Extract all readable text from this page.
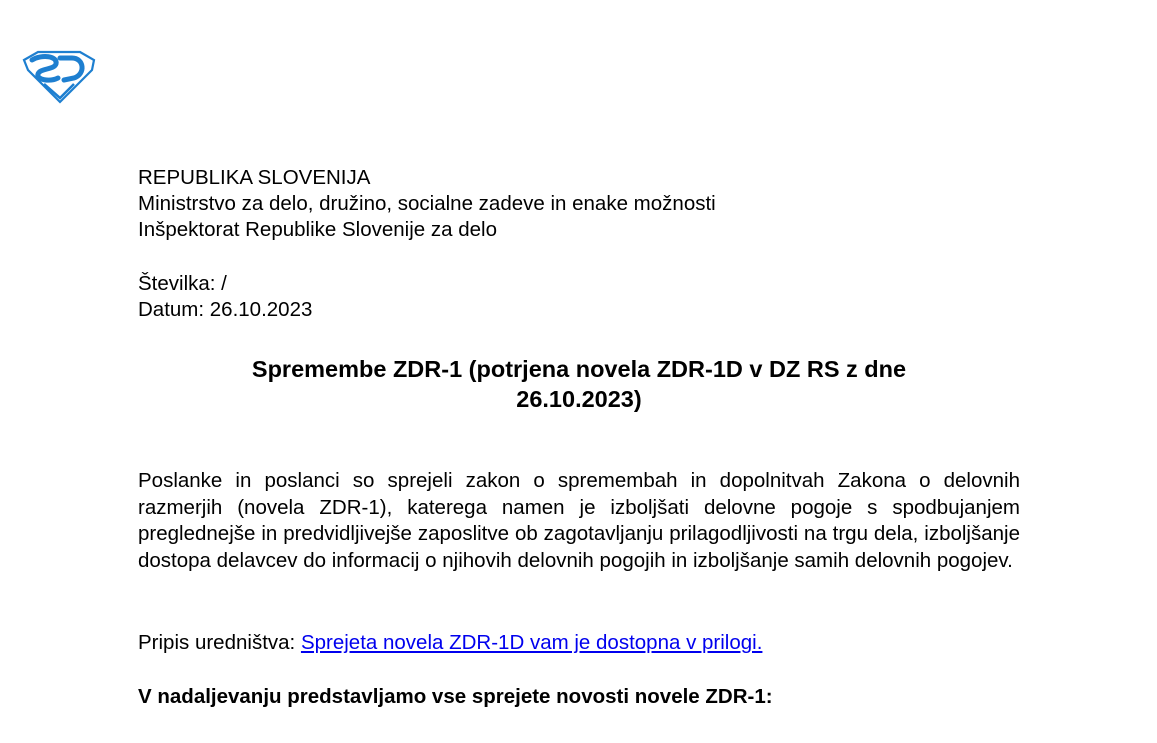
REPUBLIKA SLOVENIJA
Ministrstvo za delo, družino, socialne zadeve in enake možnosti
Inšpektorat Republike Slovenije za delo
Številka: /
Datum: 26.10.2023
Spremembe ZDR-1 (potrjena novela ZDR-1D v DZ RS z dne
26.10.2023)

Poslanke in poslanci so sprejeli zakon o spremembah in dopolnitvah Zakona o delovnih razmerjih (novela ZDR-1), katerega namen je izboljšati delovne pogoje s spodbujanjem preglednejše in predvidljivejše zaposlitve ob zagotavljanju prilagodljivosti na trgu dela, izboljšanje dostopa delavcev do informacij o njihovih delovnih pogojih in izboljšanje samih delovnih pogojev.

Pripis uredništva: Sprejeta novela ZDR-1D vam je dostopna v prilogi.
V nadaljevanju predstavljamo vse sprejete novosti novele ZDR-1:
